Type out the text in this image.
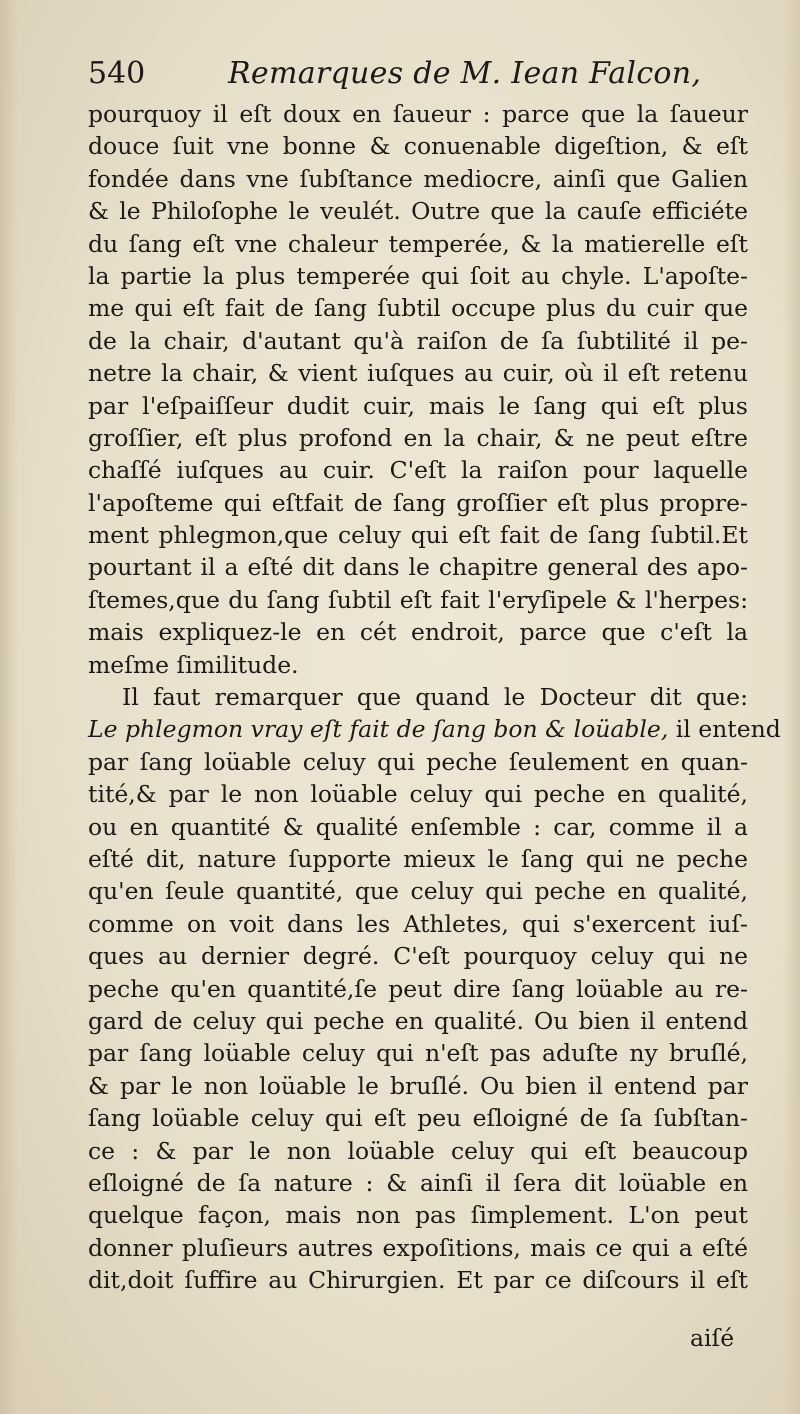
540	Remarques de M. Iean Falcon,
pourquoy il eſt doux en ſaueur : parce que la ſaueur
douce ſuit vne bonne & conuenable digeſtion, & eſt
fondée dans vne ſubſtance mediocre, ainſi que Galien
& le Philoſophe le veulét. Outre que la cauſe efficiéte
du ſang eſt vne chaleur temperée, & la matierelle eſt
la partie la plus temperée qui ſoit au chyle. L'apoſte-
me qui eſt fait de ſang ſubtil occupe plus du cuir que
de la chair, d'autant qu'à raiſon de ſa ſubtilité il pe-
netre la chair, & vient iuſques au cuir, où il eſt retenu
par l'eſpaiſſeur dudit cuir, mais le ſang qui eſt plus
groſſier, eſt plus profond en la chair, & ne peut eſtre
chaſſé iuſques au cuir. C'eſt la raiſon pour laquelle
l'apoſteme qui eſtfait de ſang groſſier eſt plus propre-
ment phlegmon,que celuy qui eſt fait de ſang ſubtil.Et
pourtant il a eſté dit dans le chapitre general des apo-
ſtemes,que du ſang ſubtil eſt fait l'eryſipele & l'herpes:
mais expliquez-le en cét endroit, parce que c'eſt la
meſme ſimilitude.
Il faut remarquer que quand le Docteur dit que:
Le phlegmon vray eſt fait de ſang bon & loüable, il entend
par ſang loüable celuy qui peche ſeulement en quan-
tité,& par le non loüable celuy qui peche en qualité,
ou en quantité & qualité enſemble : car, comme il a
eſté dit, nature ſupporte mieux le ſang qui ne peche
qu'en ſeule quantité, que celuy qui peche en qualité,
comme on voit dans les Athletes, qui s'exercent iuſ-
ques au dernier degré. C'eſt pourquoy celuy qui ne
peche qu'en quantité,ſe peut dire ſang loüable au re-
gard de celuy qui peche en qualité. Ou bien il entend
par ſang loüable celuy qui n'eſt pas aduſte ny bruſlé,
& par le non loüable le bruſlé. Ou bien il entend par
ſang loüable celuy qui eſt peu eſloigné de ſa ſubſtan-
ce : & par le non loüable celuy qui eſt beaucoup
eſloigné de ſa nature : & ainſi il ſera dit loüable en
quelque façon, mais non pas ſimplement. L'on peut
donner pluſieurs autres expoſitions, mais ce qui a eſté
dit,doit ſuffire au Chirurgien. Et par ce diſcours il eſt
aiſé
